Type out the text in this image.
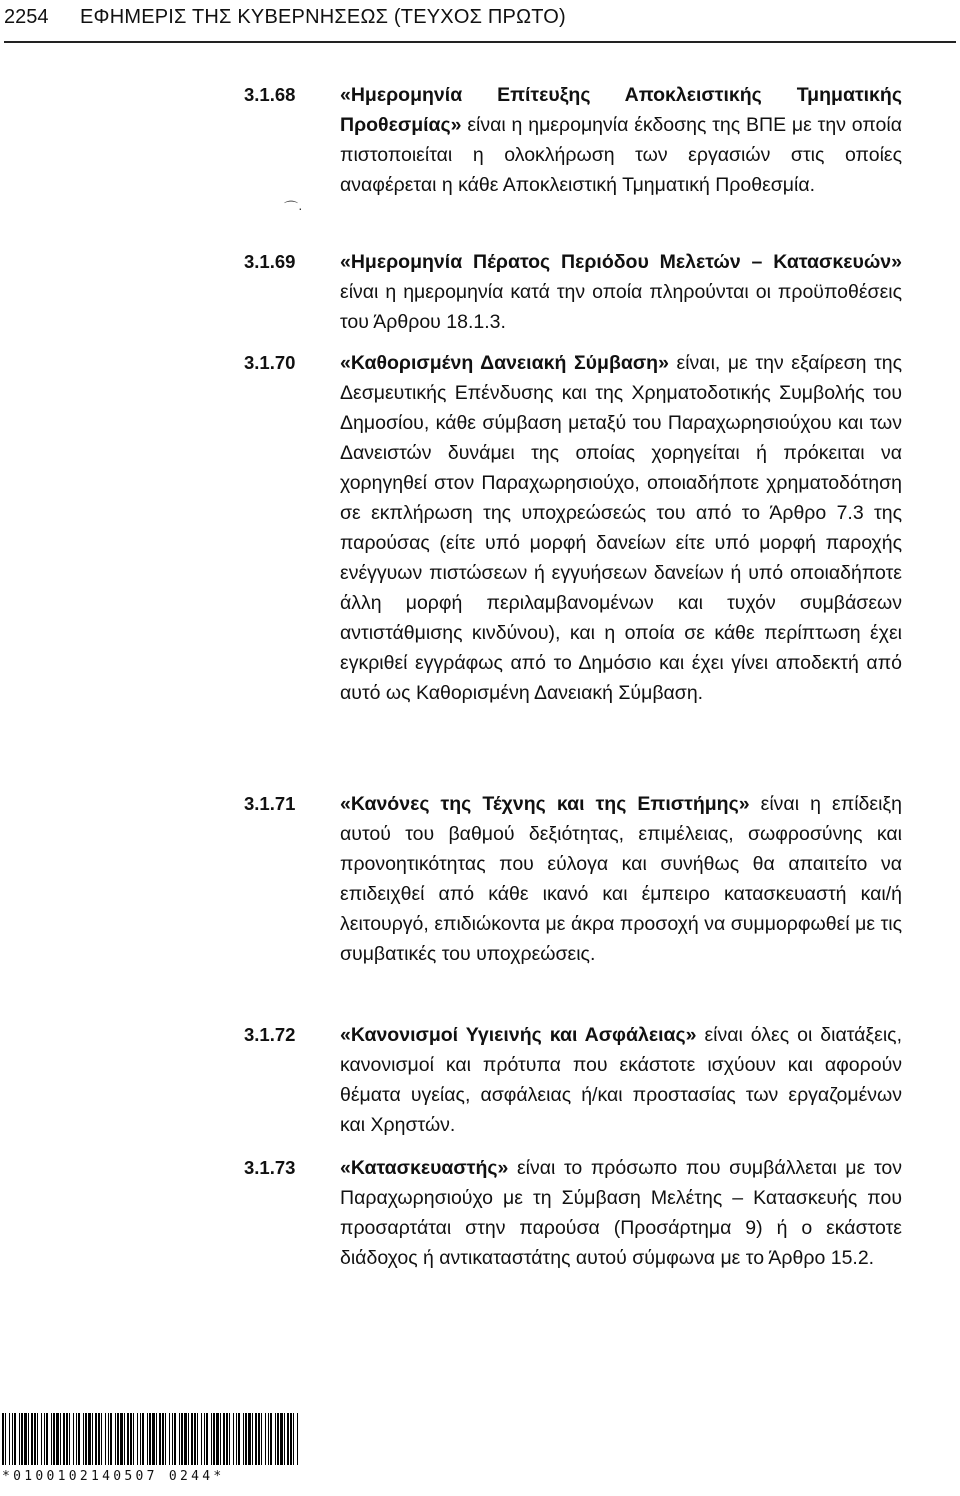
2254 ΕΦΗΜΕΡΙΣ ΤΗΣ ΚΥΒΕΡΝΗΣΕΩΣ (ΤΕΥΧΟΣ ΠΡΩΤΟ)
⌒·
3.1.68 «Ημερομηνία Επίτευξης Αποκλειστικής Τμηματικής Προθεσμίας» είναι η ημερομηνία έκδοσης της ΒΠΕ με την οποία πιστοποιείται η ολοκλήρωση των εργασιών στις οποίες αναφέρεται η κάθε Αποκλειστική Τμηματική Προθεσμία.
3.1.69 «Ημερομηνία Πέρατος Περιόδου Μελετών – Κατασκευών» είναι η ημερομηνία κατά την οποία πληρούνται οι προϋποθέσεις του Άρθρου 18.1.3.
3.1.70 «Καθορισμένη Δανειακή Σύμβαση» είναι, με την εξαίρεση της Δεσμευτικής Επένδυσης και της Χρηματοδοτικής Συμβολής του Δημοσίου, κάθε σύμβαση μεταξύ του Παραχωρησιούχου και των Δανειστών δυνάμει της οποίας χορηγείται ή πρόκειται να χορηγηθεί στον Παραχωρησιούχο, οποιαδήποτε χρηματοδότηση σε εκπλήρωση της υποχρεώσεώς του από το Άρθρο 7.3 της παρούσας (είτε υπό μορφή δανείων είτε υπό μορφή παροχής ενέγγυων πιστώσεων ή εγγυήσεων δανείων ή υπό οποιαδήποτε άλλη μορφή περιλαμβανομένων και τυχόν συμβάσεων αντιστάθμισης κινδύνου), και η οποία σε κάθε περίπτωση έχει εγκριθεί εγγράφως από το Δημόσιο και έχει γίνει αποδεκτή από αυτό ως Καθορισμένη Δανειακή Σύμβαση.
3.1.71 «Κανόνες της Τέχνης και της Επιστήμης» είναι η επίδειξη αυτού του βαθμού δεξιότητας, επιμέλειας, σωφροσύνης και προνοητικότητας που εύλογα και συνήθως θα απαιτείτο να επιδειχθεί από κάθε ικανό και έμπειρο κατασκευαστή και/ή λειτουργό, επιδιώκοντα με άκρα προσοχή να συμμορφωθεί με τις συμβατικές του υποχρεώσεις.
3.1.72 «Κανονισμοί Υγιεινής και Ασφάλειας» είναι όλες οι διατάξεις, κανονισμοί και πρότυπα που εκάστοτε ισχύουν και αφορούν θέματα υγείας, ασφάλειας ή/και προστασίας των εργαζομένων και Χρηστών.
3.1.73 «Κατασκευαστής» είναι το πρόσωπο που συμβάλλεται με τον Παραχωρησιούχο με τη Σύμβαση Μελέτης – Κατασκευής που προσαρτάται στην παρούσα (Προσάρτημα 9) ή ο εκάστοτε διάδοχος ή αντικαταστάτης αυτού σύμφωνα με το Άρθρο 15.2.
*0100102140507 0244*
